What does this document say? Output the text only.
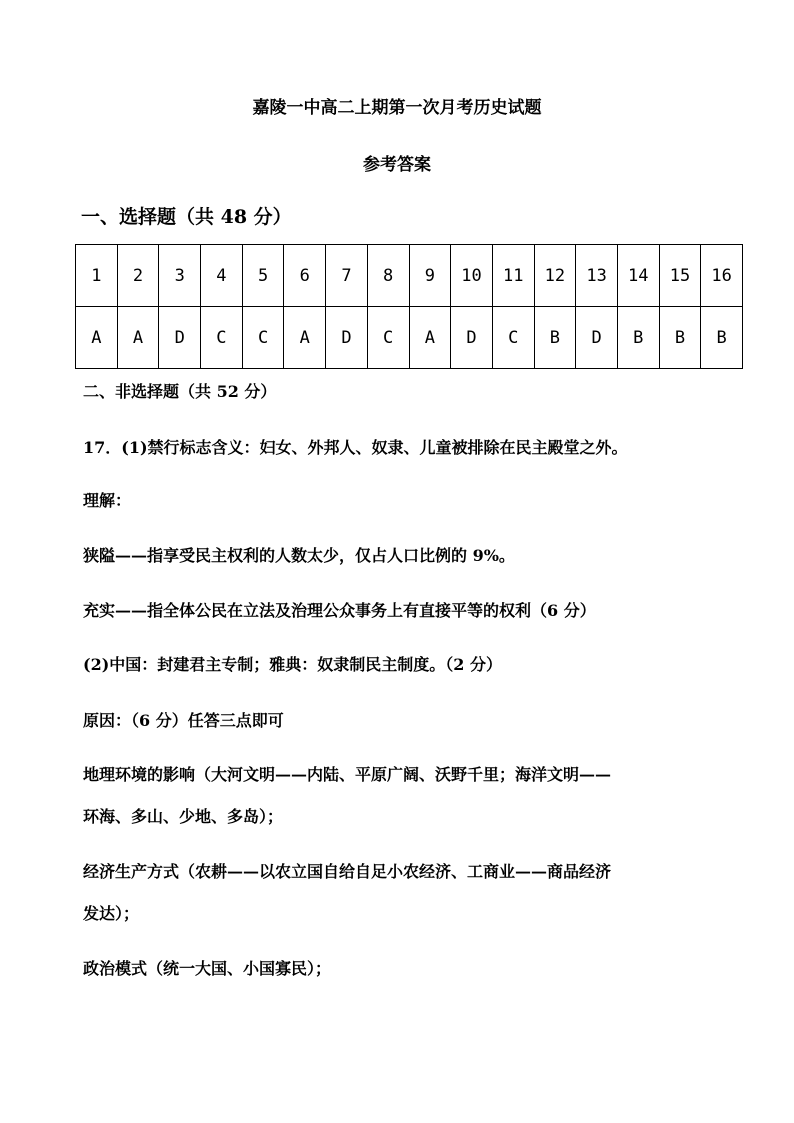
嘉陵一中高二上期第一次月考历史试题
参考答案
一、选择题（共 48 分）
1	2	3	4	5	6	7	8	9	10	11	12	13	14	15	16
A	A	D	C	C	A	D	C	A	D	C	B	D	B	B	B
二、非选择题（共 52 分）
17．(1)禁行标志含义：妇女、外邦人、奴隶、儿童被排除在民主殿堂之外。
理解：
狭隘——指享受民主权利的人数太少，仅占人口比例的 9%。
充实——指全体公民在立法及治理公众事务上有直接平等的权利（6 分）
(2)中国：封建君主专制；雅典：奴隶制民主制度。（2 分）
原因：（6 分）任答三点即可
地理环境的影响（大河文明——内陆、平原广阔、沃野千里；海洋文明——
环海、多山、少地、多岛）；
经济生产方式（农耕——以农立国自给自足小农经济、工商业——商品经济
发达）；
政治模式（统一大国、小国寡民）；
